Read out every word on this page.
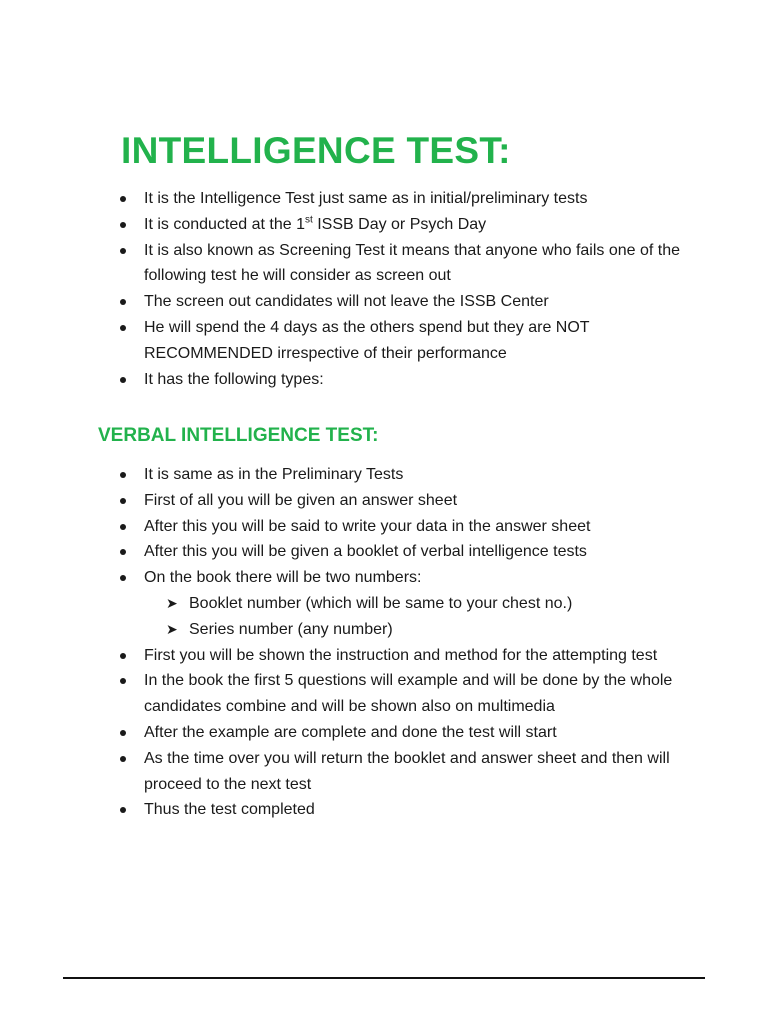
INTELLIGENCE TEST:
It is the Intelligence Test just same as in initial/preliminary tests
It is conducted at the 1st ISSB Day or Psych Day
It is also known as Screening Test it means that anyone who fails one of the following test he will consider as screen out
The screen out candidates will not leave the ISSB Center
He will spend the 4 days as the others spend but they are NOT RECOMMENDED irrespective of their performance
It has the following types:
VERBAL INTELLIGENCE TEST:
It is same as in the Preliminary Tests
First of all you will be given an answer sheet
After this you will be said to write your data in the answer sheet
After this you will be given a booklet of verbal intelligence tests
On the book there will be two numbers:
➤ Booklet number (which will be same to your chest no.)
➤ Series number (any number)
First you will be shown the instruction and method for the attempting test
In the book the first 5 questions will example and will be done by the whole candidates combine and will be shown also on multimedia
After the example are complete and done the test will start
As the time over you will return the booklet and answer sheet and then will proceed to the next test
Thus the test completed
